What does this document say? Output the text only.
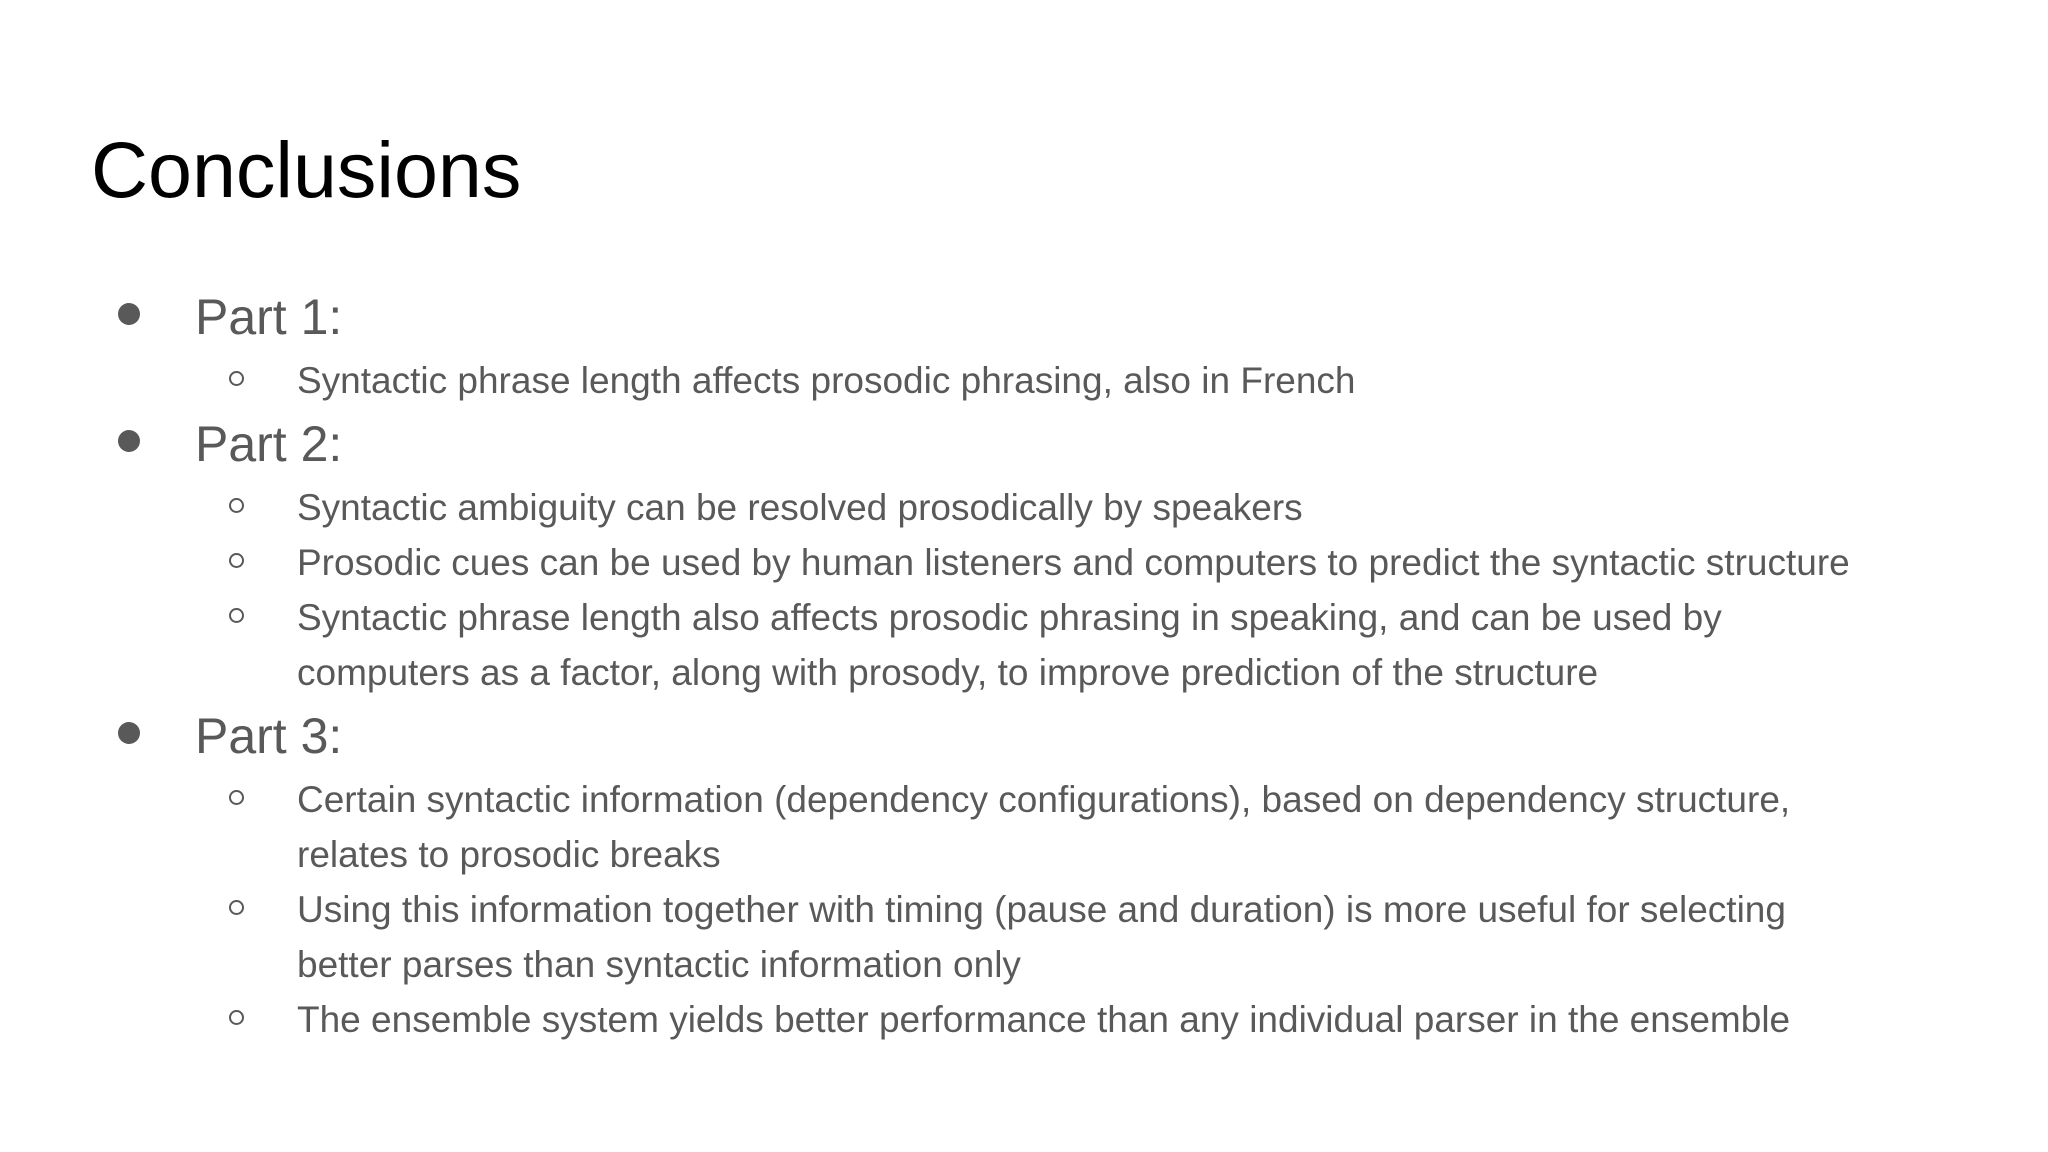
Conclusions
Part 1:
Syntactic phrase length affects prosodic phrasing, also in French
Part 2:
Syntactic ambiguity can be resolved prosodically by speakers
Prosodic cues can be used by human listeners and computers to predict the syntactic structure
Syntactic phrase length also affects prosodic phrasing in speaking, and can be used by
computers as a factor, along with prosody, to improve prediction of the structure
Part 3:
Certain syntactic information (dependency configurations), based on dependency structure,
relates to prosodic breaks
Using this information together with timing (pause and duration) is more useful for selecting
better parses than syntactic information only
The ensemble system yields better performance than any individual parser in the ensemble
